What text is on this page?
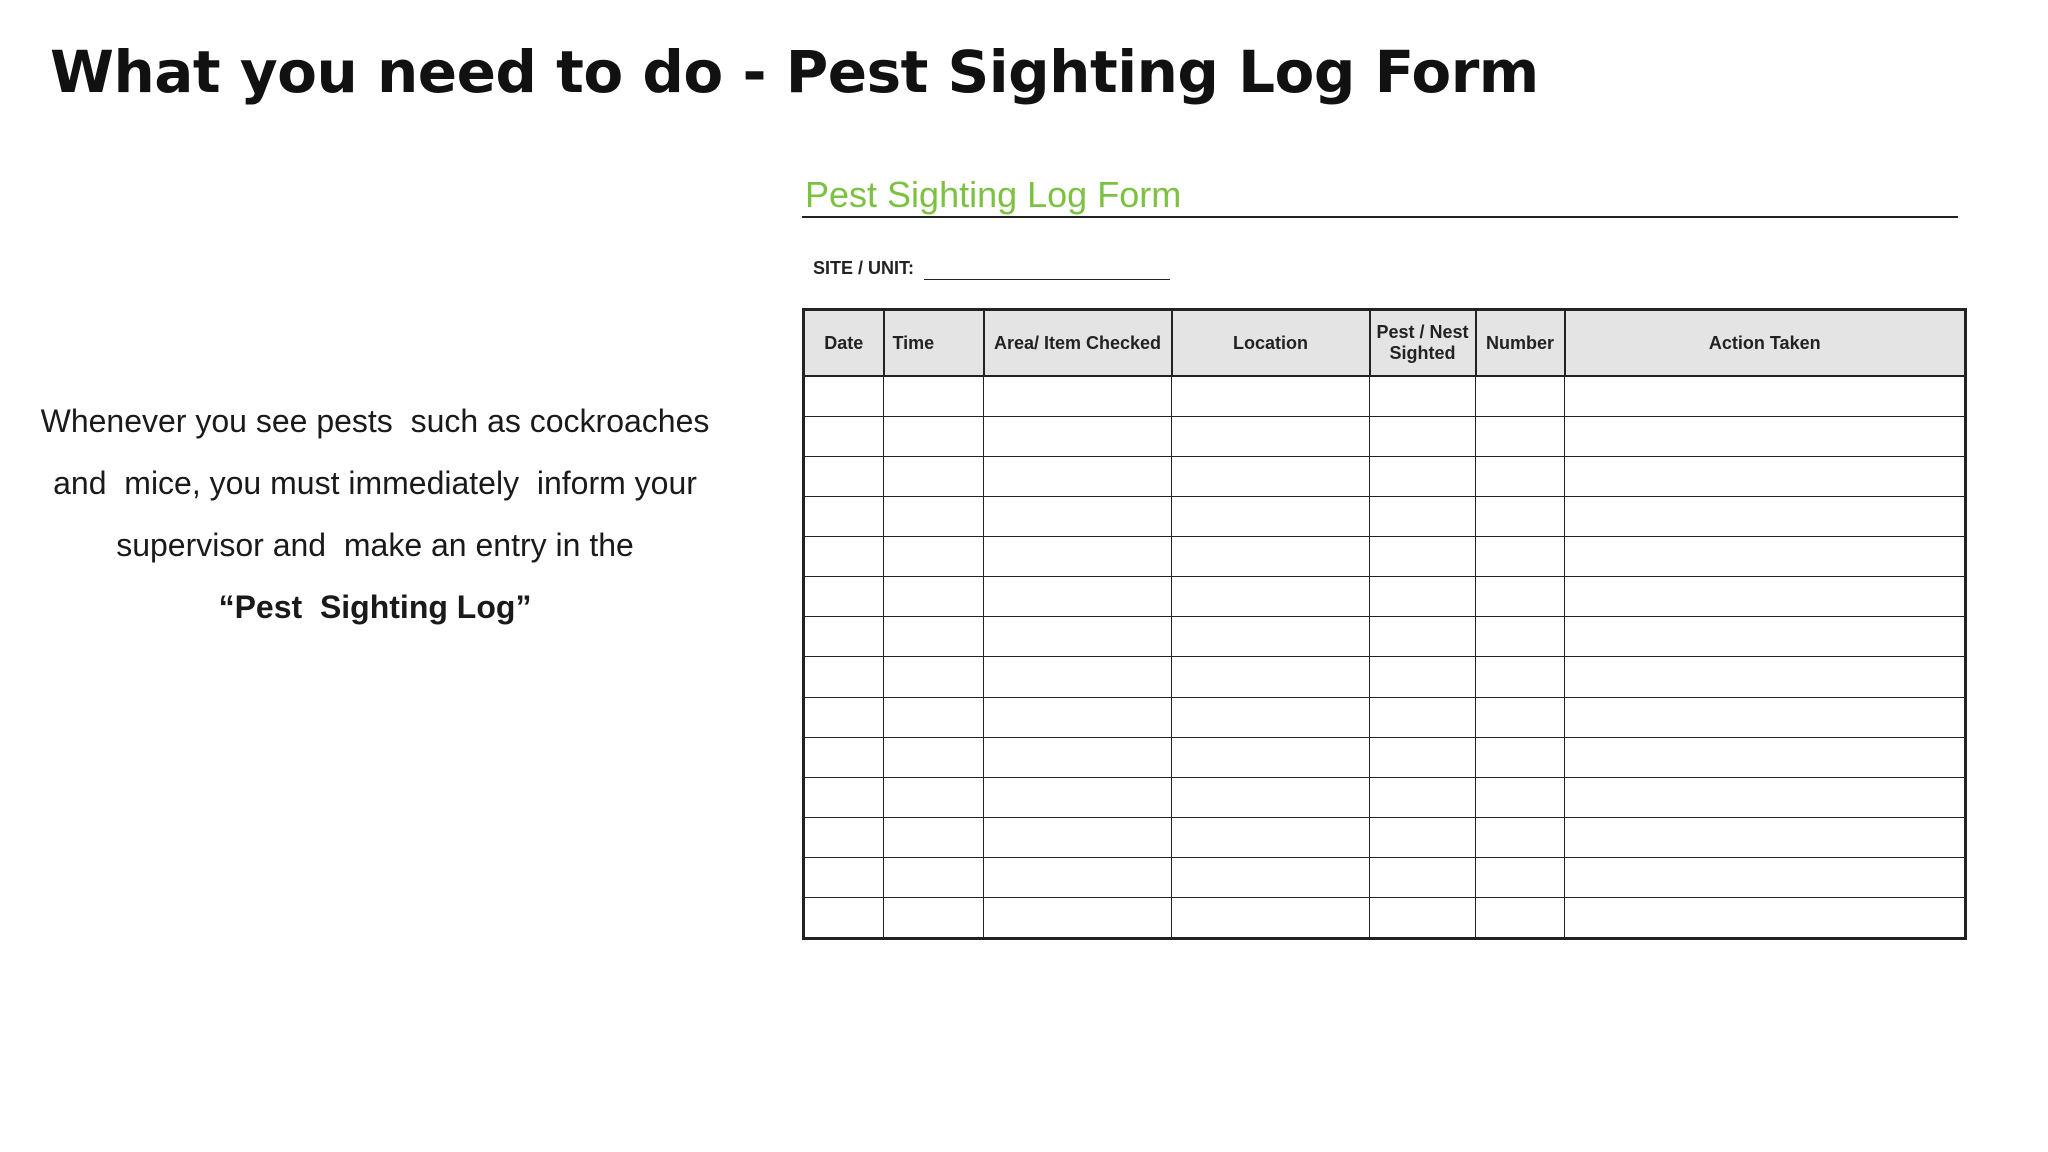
What you need to do - Pest Sighting Log Form
Whenever you see pests  such as cockroaches
and  mice, you must immediately  inform your
supervisor and  make an entry in the
“Pest  Sighting Log”
Pest Sighting Log Form
SITE / UNIT:
Date	Time	Area/ Item Checked	Location	Pest / Nest Sighted	Number	Action Taken
